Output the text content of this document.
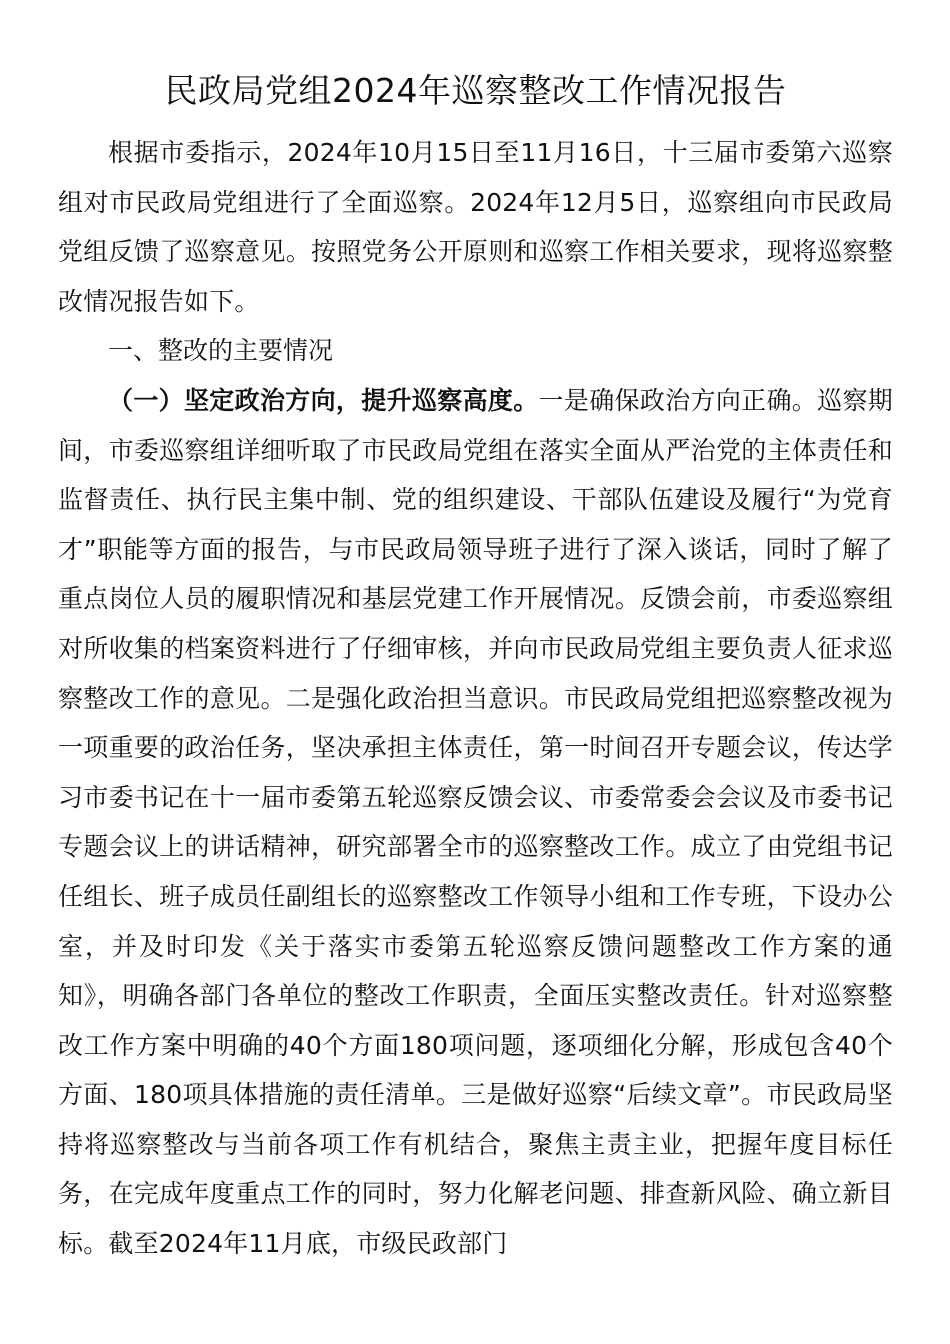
民政局党组2024年巡察整改工作情况报告

根据市委指示，2024年10月15日至11月16日，十三届市委第六巡察组对市民政局党组进行了全面巡察。2024年12月5日，巡察组向市民政局党组反馈了巡察意见。按照党务公开原则和巡察工作相关要求，现将巡察整改情况报告如下。

一、整改的主要情况

（一）坚定政治方向，提升巡察高度。一是确保政治方向正确。巡察期间，市委巡察组详细听取了市民政局党组在落实全面从严治党的主体责任和监督责任、执行民主集中制、党的组织建设、干部队伍建设及履行“为党育才”职能等方面的报告，与市民政局领导班子进行了深入谈话，同时了解了重点岗位人员的履职情况和基层党建工作开展情况。反馈会前，市委巡察组对所收集的档案资料进行了仔细审核，并向市民政局党组主要负责人征求巡察整改工作的意见。二是强化政治担当意识。市民政局党组把巡察整改视为一项重要的政治任务，坚决承担主体责任，第一时间召开专题会议，传达学习市委书记在十一届市委第五轮巡察反馈会议、市委常委会会议及市委书记专题会议上的讲话精神，研究部署全市的巡察整改工作。成立了由党组书记任组长、班子成员任副组长的巡察整改工作领导小组和工作专班，下设办公室，并及时印发《关于落实市委第五轮巡察反馈问题整改工作方案的通知》，明确各部门各单位的整改工作职责，全面压实整改责任。针对巡察整改工作方案中明确的40个方面180项问题，逐项细化分解，形成包含40个方面、180项具体措施的责任清单。三是做好巡察“后续文章”。市民政局坚持将巡察整改与当前各项工作有机结合，聚焦主责主业，把握年度目标任务，在完成年度重点工作的同时，努力化解老问题、排查新风险、确立新目标。截至2024年11月底，市级民政部门
